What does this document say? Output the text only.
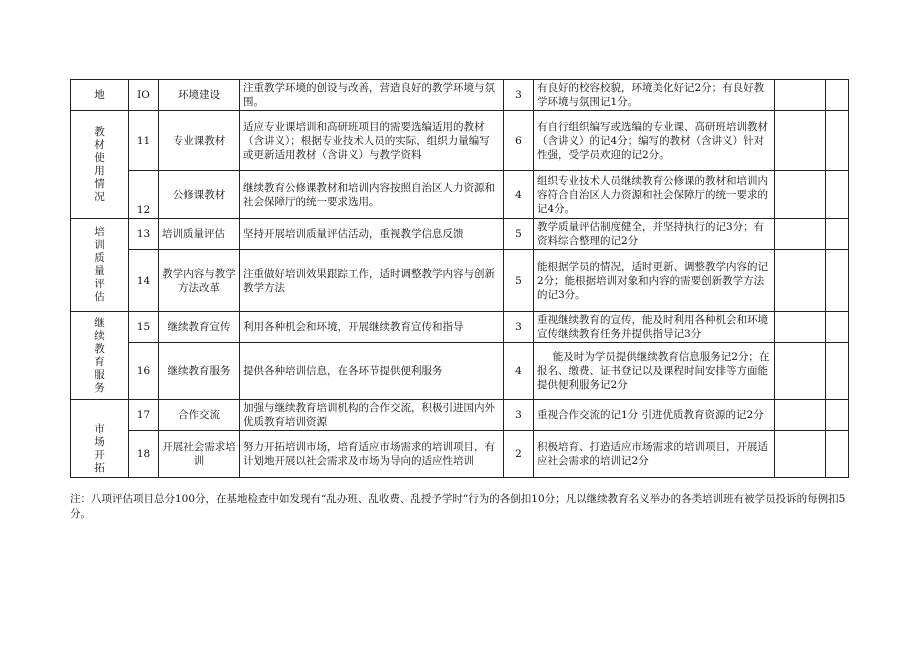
地	IO	环境建设	注重教学环境的创设与改善，营造良好的教学环境与氛围。	3	有良好的校容校貌，环境美化好记2分；有良好教学环境与氛围记1分。		
教材使用情况	11	专业课教材	适应专业课培训和高研班项目的需要选编适用的教材（含讲义）；根据专业技术人员的实际，组织力量编写或更新适用教材（含讲义）与教学资料	6	有自行组织编写或选编的专业课、高研班培训教材（含讲义）的记4分；编写的教材（含讲义）针对性强，受学员欢迎的记2分。		
	12	公修课教材	继续教育公修课教材和培训内容按照自治区人力资源和社会保障厅的统一要求选用。	4	组织专业技术人员继续教育公修课的教材和培训内容符合自治区人力资源和社会保障厅的统一要求的记4分。		
培训质量评估	13	培训质量评估	坚持开展培训质量评估活动，重视教学信息反馈	5	教学质量评估制度健全，并坚持执行的记3分；有资料综合整理的记2分		
	14	教学内容与教学方法改革	注重做好培训效果跟踪工作，适时调整教学内容与创新教学方法	5	能根据学员的情况，适时更新、调整教学内容的记2分；能根据培训对象和内容的需要创新教学方法的记3分。		
继续教育服务	15	继续教育宣传	利用各种机会和环境，开展继续教育宣传和指导	3	重视继续教育的宣传，能及时利用各种机会和环境宣传继续教育任务并提供指导记3分		
	16	继续教育服务	提供各种培训信息，在各环节提供便利服务	4	能及时为学员提供继续教育信息服务记2分；在报名、缴费、证书登记以及课程时间安排等方面能提供便利服务记2分		

市场开拓	17	合作交流	加强与继续教育培训机构的合作交流，积极引进国内外优质教育培训资源	3	重视合作交流的记1分 引进优质教育资源的记2分		
	18	开展社会需求培训	努力开拓培训市场，培育适应市场需求的培训项目，有计划地开展以社会需求及市场为导向的适应性培训	2	积极培育、打造适应市场需求的培训项目，开展适应社会需求的培训记2分		
注：八项评估项目总分100分，在基地检查中如发现有“乱办班、乱收费、乱授予学时”行为的各倒扣10分；凡以继续教育名义举办的各类培训班有被学员投诉的每例扣5分。
